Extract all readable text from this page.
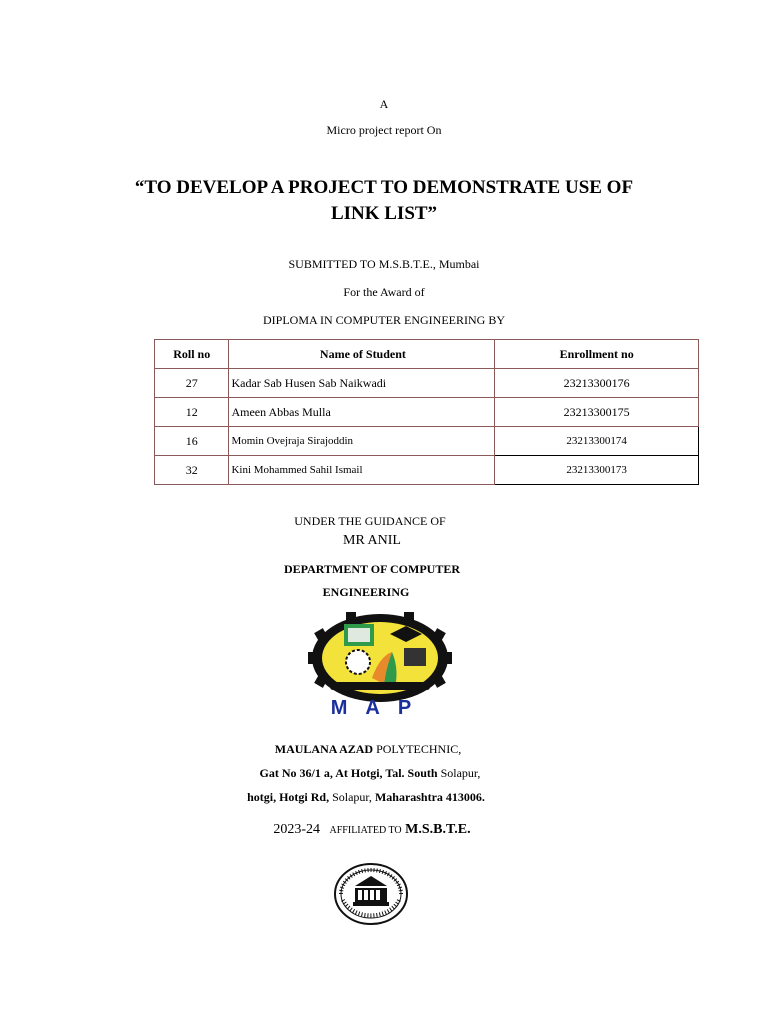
A
Micro project report On
“TO DEVELOP A PROJECT TO DEMONSTRATE USE OF
LINK LIST”
SUBMITTED TO M.S.B.T.E., Mumbai
For the Award of
DIPLOMA IN COMPUTER ENGINEERING BY
Roll no	Name of Student	Enrollment no
27	Kadar Sab Husen Sab Naikwadi	23213300176
12	Ameen Abbas Mulla	23213300175
16	Momin Ovejraja Sirajoddin	23213300174
32	Kini Mohammed Sahil Ismail	23213300173
UNDER THE GUIDANCE OF
MR ANIL
DEPARTMENT OF COMPUTER
ENGINEERING
MAP
MAULANA AZAD POLYTECHNIC,
Gat No 36/1 a, At Hotgi, Tal. South Solapur,
hotgi, Hotgi Rd, Solapur, Maharashtra 413006.
2023-24 AFFILIATED TO M.S.B.T.E.
